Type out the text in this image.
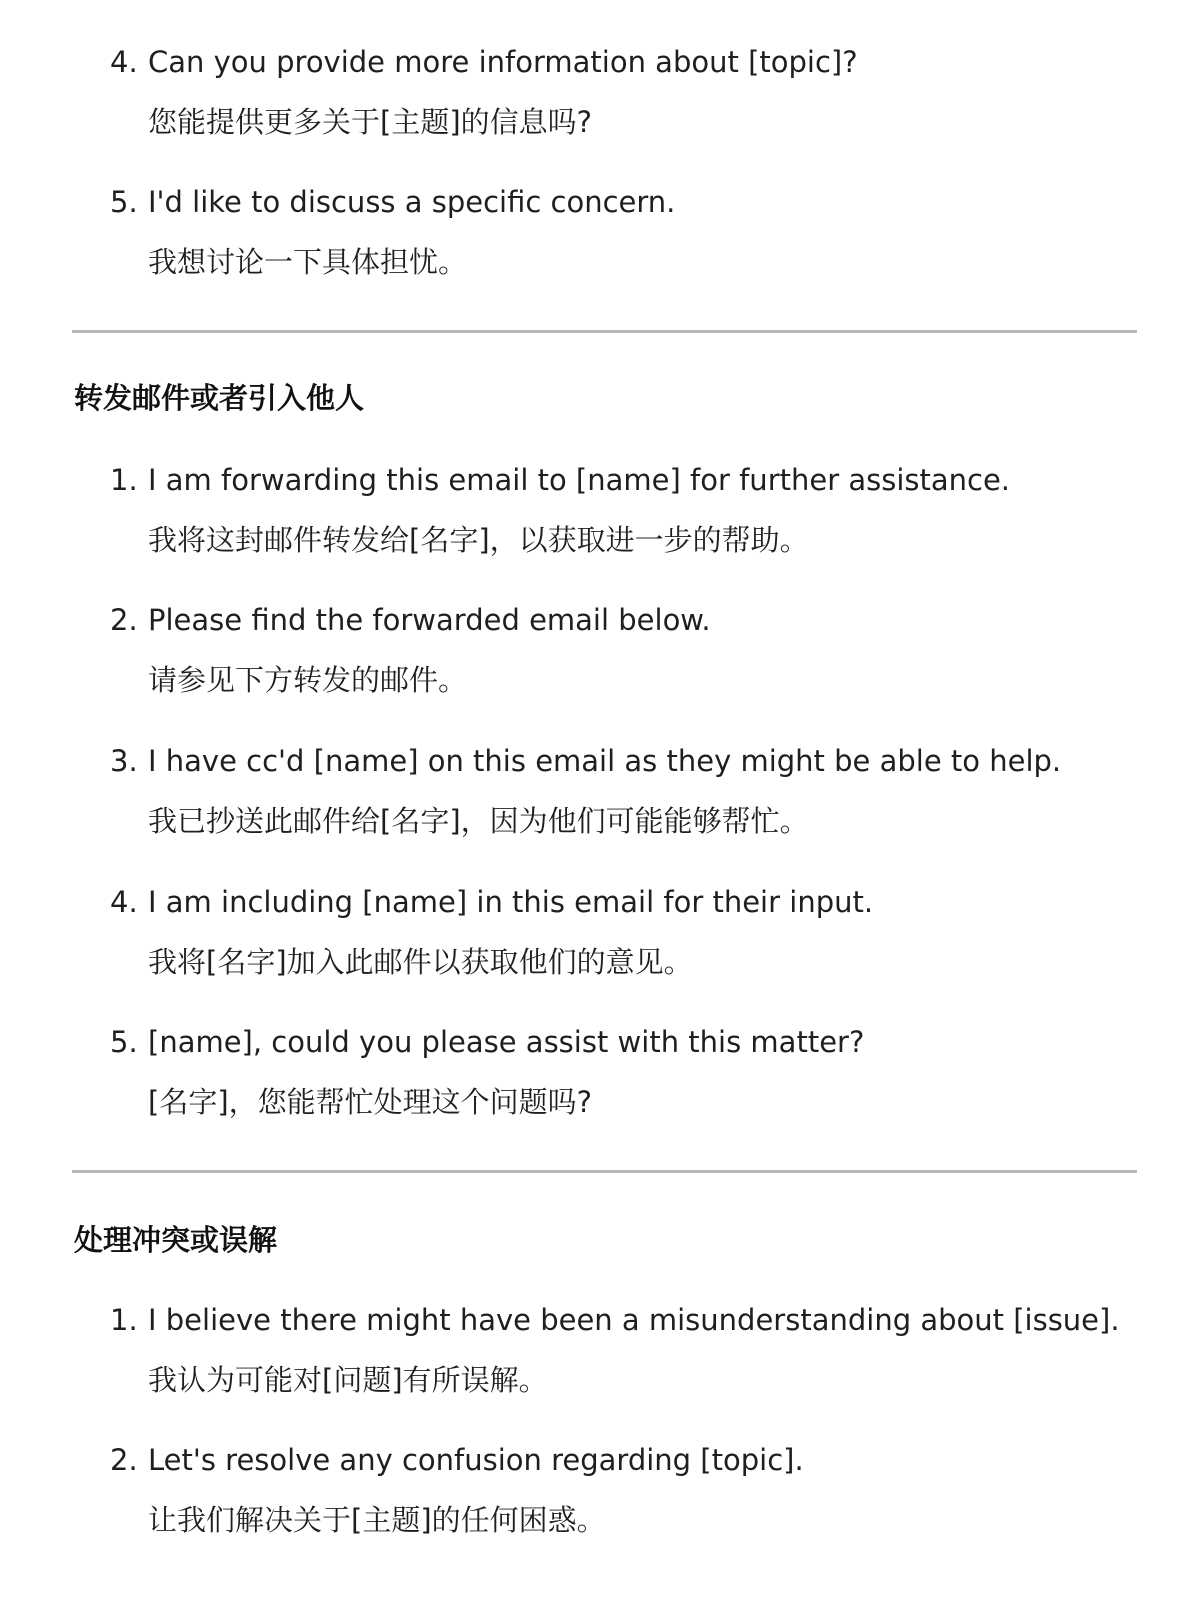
4. Can you provide more information about [topic]?
您能提供更多关于[主题]的信息吗?
5. I'd like to discuss a specific concern.
我想讨论一下具体担忧。
转发邮件或者引入他人
1. I am forwarding this email to [name] for further assistance.
我将这封邮件转发给[名字]，以获取进一步的帮助。
2. Please find the forwarded email below.
请参见下方转发的邮件。
3. I have cc'd [name] on this email as they might be able to help.
我已抄送此邮件给[名字]，因为他们可能能够帮忙。
4. I am including [name] in this email for their input.
我将[名字]加入此邮件以获取他们的意见。
5. [name], could you please assist with this matter?
[名字]，您能帮忙处理这个问题吗?
处理冲突或误解
1. I believe there might have been a misunderstanding about [issue].
我认为可能对[问题]有所误解。
2. Let's resolve any confusion regarding [topic].
让我们解决关于[主题]的任何困惑。
